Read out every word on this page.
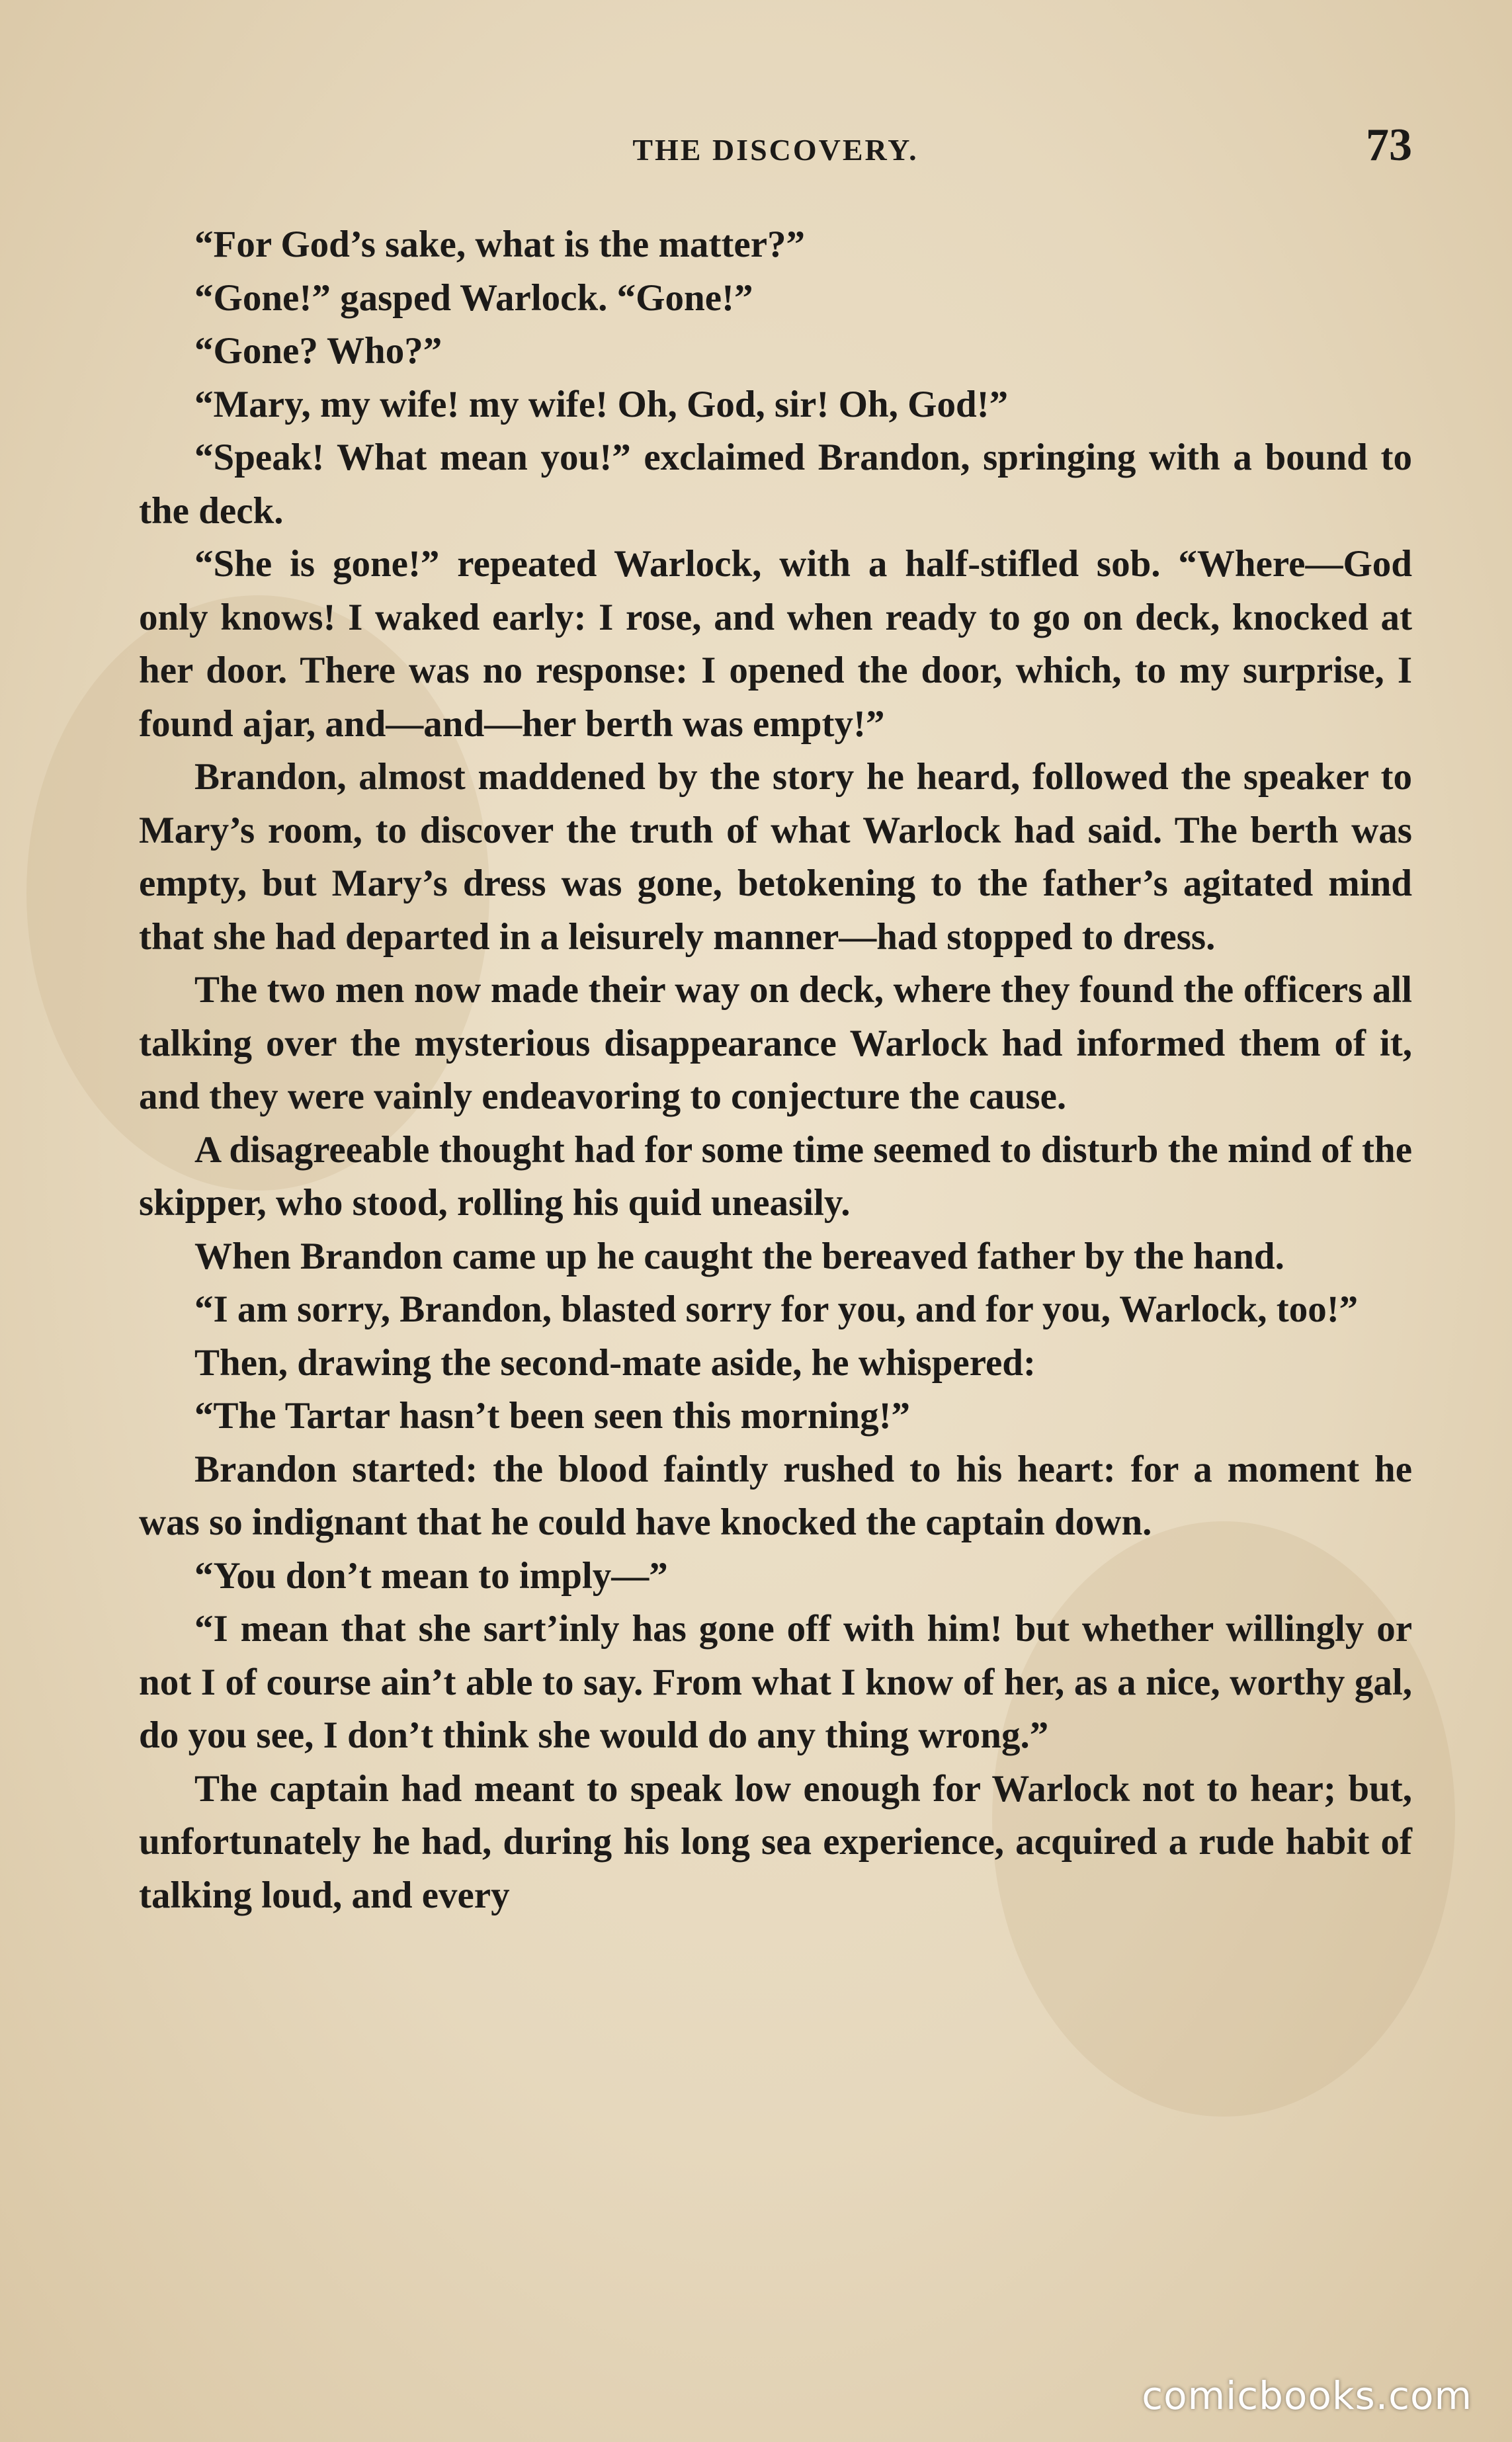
THE DISCOVERY.	73

“For God’s sake, what is the matter?”

“Gone!” gasped Warlock. “Gone!”

“Gone? Who?”

“Mary, my wife! my wife! Oh, God, sir! Oh, God!”

“Speak! What mean you!” exclaimed Brandon, springing with a bound to the deck.

“She is gone!” repeated Warlock, with a half-stifled sob. “Where—God only knows! I waked early: I rose, and when ready to go on deck, knocked at her door. There was no response: I opened the door, which, to my surprise, I found ajar, and—and—her berth was empty!”

Brandon, almost maddened by the story he heard, followed the speaker to Mary’s room, to discover the truth of what Warlock had said. The berth was empty, but Mary’s dress was gone, betokening to the father’s agitated mind that she had departed in a leisurely manner—had stopped to dress.

The two men now made their way on deck, where they found the officers all talking over the mysterious disappearance Warlock had informed them of it, and they were vainly endeavoring to conjecture the cause.

A disagreeable thought had for some time seemed to disturb the mind of the skipper, who stood, rolling his quid uneasily.

When Brandon came up he caught the bereaved father by the hand.

“I am sorry, Brandon, blasted sorry for you, and for you, Warlock, too!”

Then, drawing the second-mate aside, he whispered:

“The Tartar hasn’t been seen this morning!”

Brandon started: the blood faintly rushed to his heart: for a moment he was so indignant that he could have knocked the captain down.

“You don’t mean to imply—”

“I mean that she sart’inly has gone off with him! but whether willingly or not I of course ain’t able to say. From what I know of her, as a nice, worthy gal, do you see, I don’t think she would do any thing wrong.”

The captain had meant to speak low enough for Warlock not to hear; but, unfortunately he had, during his long sea experience, acquired a rude habit of talking loud, and every

comicbooks.com
